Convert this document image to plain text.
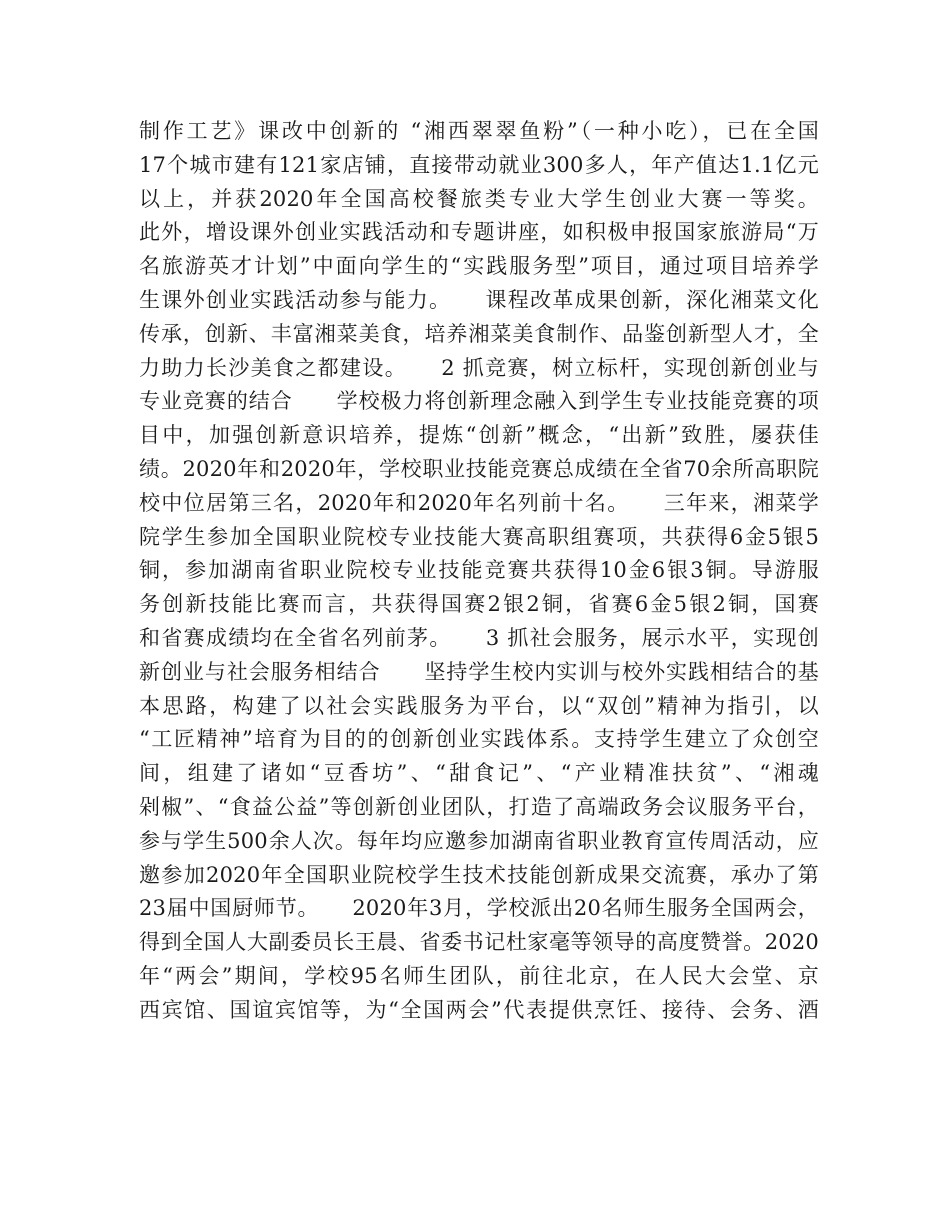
制作工艺》课改中创新的 “湘西翠翠鱼粉”（一种小吃），已在全国
17个城市建有121家店铺，直接带动就业300多人，年产值达1.1亿元
以上，并获2020年全国高校餐旅类专业大学生创业大赛一等奖。
此外，增设课外创业实践活动和专题讲座，如积极申报国家旅游局“万
名旅游英才计划”中面向学生的“实践服务型”项目，通过项目培养学
生课外创业实践活动参与能力。　　课程改革成果创新，深化湘菜文化
传承，创新、丰富湘菜美食，培养湘菜美食制作、品鉴创新型人才，全
力助力长沙美食之都建设。　　2 抓竞赛，树立标杆，实现创新创业与
专业竞赛的结合　　学校极力将创新理念融入到学生专业技能竞赛的项
目中，加强创新意识培养，提炼“创新”概念，“出新”致胜，屡获佳
绩。2020年和2020年，学校职业技能竞赛总成绩在全省70余所高职院
校中位居第三名，2020年和2020年名列前十名。　　三年来，湘菜学
院学生参加全国职业院校专业技能大赛高职组赛项，共获得6金5银5
铜，参加湖南省职业院校专业技能竞赛共获得10金6银3铜。导游服
务创新技能比赛而言，共获得国赛2银2铜，省赛6金5银2铜，国赛
和省赛成绩均在全省名列前茅。　　3 抓社会服务，展示水平，实现创
新创业与社会服务相结合　　坚持学生校内实训与校外实践相结合的基
本思路，构建了以社会实践服务为平台，以“双创”精神为指引，以
“工匠精神”培育为目的的创新创业实践体系。支持学生建立了众创空
间，组建了诸如“豆香坊”、“甜食记”、“产业精准扶贫”、“湘魂
剁椒”、“食益公益”等创新创业团队，打造了高端政务会议服务平台，
参与学生500余人次。每年均应邀参加湖南省职业教育宣传周活动，应
邀参加2020年全国职业院校学生技术技能创新成果交流赛，承办了第
23届中国厨师节。　　2020年3月，学校派出20名师生服务全国两会，
得到全国人大副委员长王晨、省委书记杜家毫等领导的高度赞誉。2020
年“两会”期间，学校95名师生团队，前往北京，在人民大会堂、京
西宾馆、国谊宾馆等，为“全国两会”代表提供烹饪、接待、会务、酒
